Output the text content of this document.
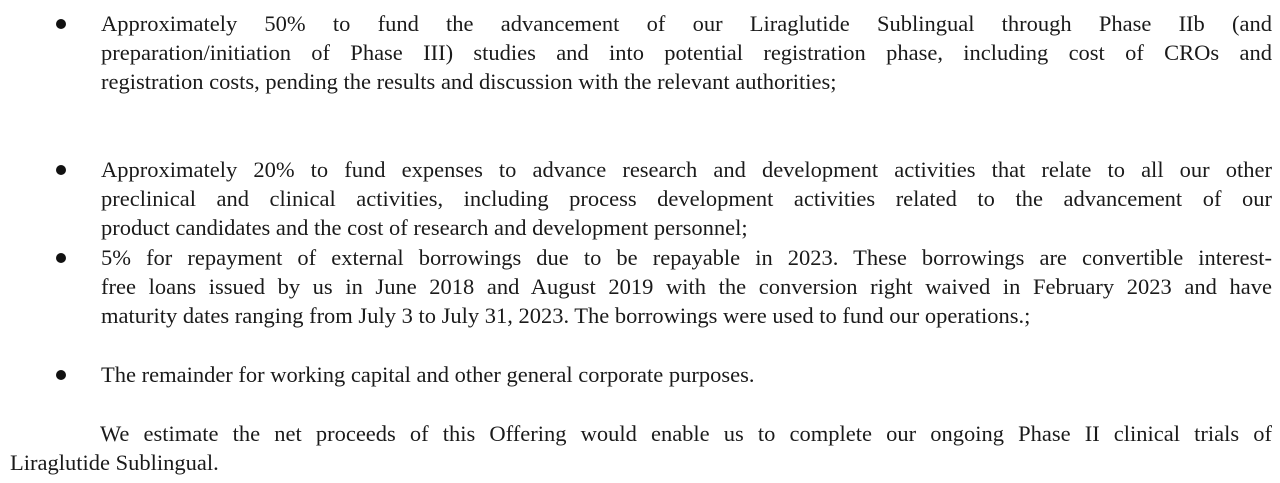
Approximately 50% to fund the advancement of our Liraglutide Sublingual through Phase IIb (and
preparation/initiation of Phase III) studies and into potential registration phase, including cost of CROs and
registration costs, pending the results and discussion with the relevant authorities;
Approximately 20% to fund expenses to advance research and development activities that relate to all our other
preclinical and clinical activities, including process development activities related to the advancement of our
product candidates and the cost of research and development personnel;
5% for repayment of external borrowings due to be repayable in 2023. These borrowings are convertible interest-
free loans issued by us in June 2018 and August 2019 with the conversion right waived in February 2023 and have
maturity dates ranging from July 3 to July 31, 2023. The borrowings were used to fund our operations.;
The remainder for working capital and other general corporate purposes.
We estimate the net proceeds of this Offering would enable us to complete our ongoing Phase II clinical trials of
Liraglutide Sublingual.
